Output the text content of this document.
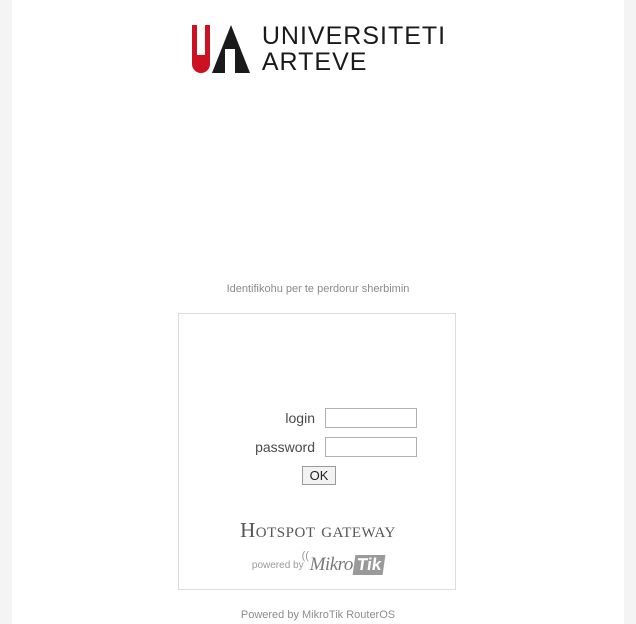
UNIVERSITETI
ARTEVE
Identifikohu per te perdorur sherbimin
login
password
OK
Hotspot gateway
powered by
(( Mikro Tik
Powered by MikroTik RouterOS
